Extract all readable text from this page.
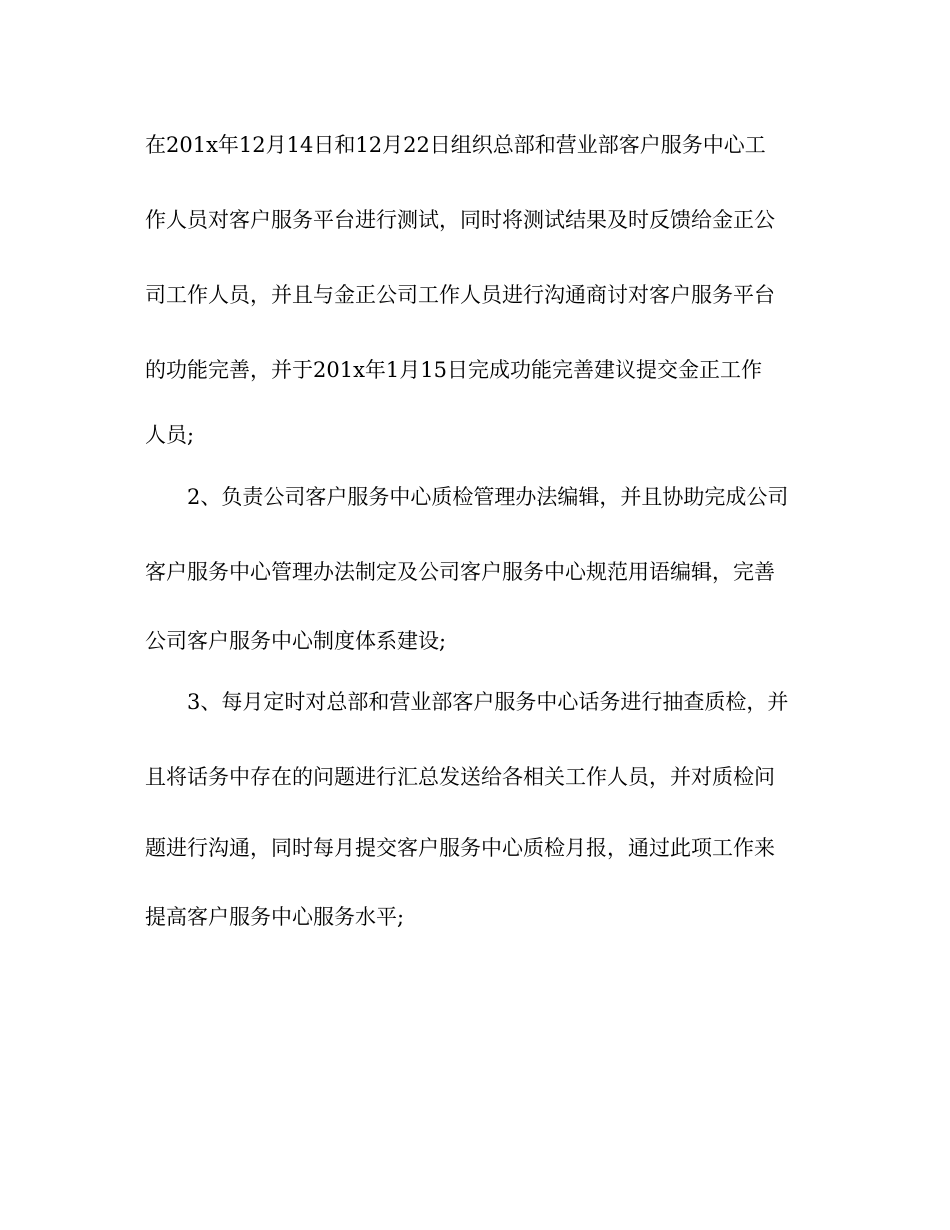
在201x年12月14日和12月22日组织总部和营业部客户服务中心工
作人员对客户服务平台进行测试，同时将测试结果及时反馈给金正公
司工作人员，并且与金正公司工作人员进行沟通商讨对客户服务平台
的功能完善，并于201x年1月15日完成功能完善建议提交金正工作
人员;
2、负责公司客户服务中心质检管理办法编辑，并且协助完成公司
客户服务中心管理办法制定及公司客户服务中心规范用语编辑，完善
公司客户服务中心制度体系建设;
3、每月定时对总部和营业部客户服务中心话务进行抽查质检，并
且将话务中存在的问题进行汇总发送给各相关工作人员，并对质检问
题进行沟通，同时每月提交客户服务中心质检月报，通过此项工作来
提高客户服务中心服务水平;
